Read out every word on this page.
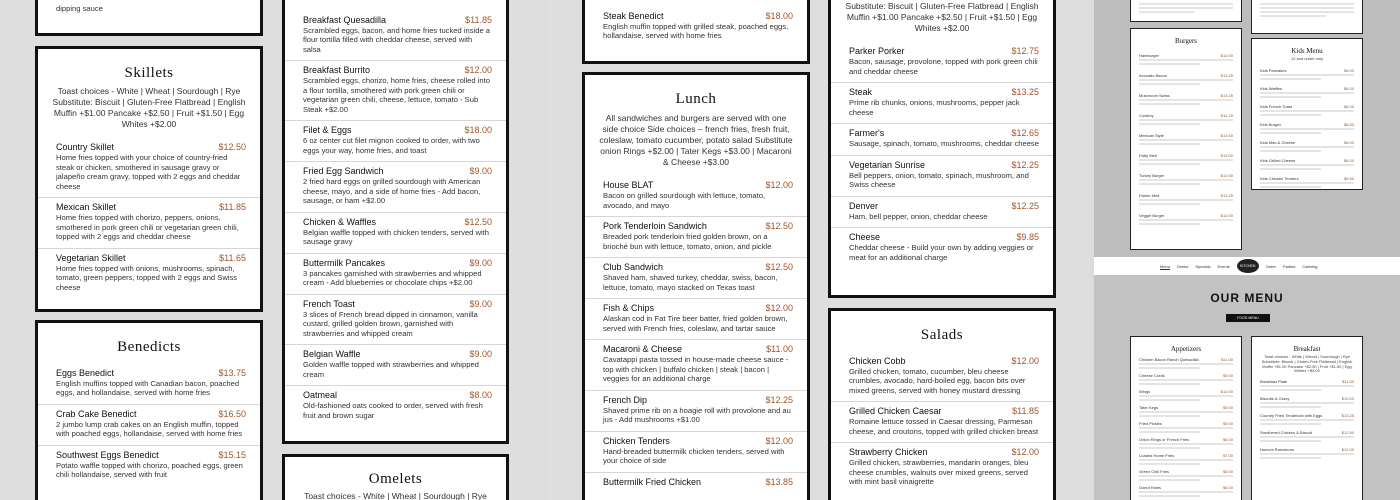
dipping sauce
Skillets
Toast choices - White | Wheat | Sourdough | Rye Substitute: Biscuit | Gluten-Free Flatbread | English Muffin +$1.00 Pancake +$2.50 | Fruit +$1.50 | Egg Whites +$2.00
Country Skillet	$12.50
Home fries topped with your choice of country-fried steak or chicken, smothered in sausage gravy or jalapeño cream gravy, topped with 2 eggs and cheddar cheese
Mexican Skillet	$11.85
Home fries topped with chorizo, peppers, onions, smothered in pork green chili or vegetarian green chili, topped with 2 eggs and cheddar cheese
Vegetarian Skillet	$11.65
Home fries topped with onions, mushrooms, spinach, tomato, green peppers, topped with 2 eggs and Swiss cheese
Benedicts
Eggs Benedict	$13.75
English muffins topped with Canadian bacon, poached eggs, and hollandaise, served with home fries
Crab Cake Benedict	$16.50
2 jumbo lump crab cakes on an English muffin, topped with poached eggs, hollandaise, served with home fries
Southwest Eggs Benedict	$15.15
Potato waffle topped with chorizo, poached eggs, green chili hollandaise, served with fruit
Breakfast Quesadilla	$11.85
Scrambled eggs, bacon, and home fries tucked inside a flour tortilla filled with cheddar cheese, served with salsa
Breakfast Burrito	$12.00
Scrambled eggs, chorizo, home fries, cheese rolled into a flour tortilla, smothered with pork green chili or vegetarian green chili, cheese, lettuce, tomato - Sub Steak +$2.00
Filet & Eggs	$18.00
6 oz center cut filet mignon cooked to order, with two eggs your way, home fries, and toast
Fried Egg Sandwich	$9.00
2 fried hard eggs on grilled sourdough with American cheese, mayo, and a side of home fries - Add bacon, sausage, or ham +$2.00
Chicken & Waffles	$12.50
Belgian waffle topped with chicken tenders, served with sausage gravy
Buttermilk Pancakes	$9.00
3 pancakes garnished with strawberries and whipped cream - Add blueberries or chocolate chips +$2.00
French Toast	$9.00
3 slices of French bread dipped in cinnamon, vanilla custard, grilled golden brown, garnished with strawberries and whipped cream
Belgian Waffle	$9.00
Golden waffle topped with strawberries and whipped cream
Oatmeal	$8.00
Old-fashioned oats cooked to order, served with fresh fruit and brown sugar
Omelets
Toast choices - White | Wheat | Sourdough | Rye
Steak Benedict	$18.00
English muffin topped with grilled steak, poached eggs, hollandaise, served with home fries
Lunch
All sandwiches and burgers are served with one side choice Side choices – french fries, fresh fruit, coleslaw, tomato cucumber, potato salad Substitute onion Rings +$2.00 | Tater Kegs +$3.00 | Macaroni & Cheese +$3.00
House BLAT	$12.00
Bacon on grilled sourdough with lettuce, tomato, avocado, and mayo
Pork Tenderloin Sandwich	$12.50
Breaded pork tenderloin fried golden brown, on a brioché bun with lettuce, tomato, onion, and pickle
Club Sandwich	$12.50
Shaved ham, shaved turkey, cheddar, swiss, bacon, lettuce, tomato, mayo stacked on Texas toast
Fish & Chips	$12.00
Alaskan cod in Fat Tire beer batter, fried golden brown, served with French fries, coleslaw, and tartar sauce
Macaroni & Cheese	$11.00
Cavatappi pasta tossed in house-made cheese sauce - top with chicken | buffalo chicken | steak | bacon | veggies for an additional charge
French Dip	$12.25
Shaved prime rib on a hoagie roll with provolone and au jus - Add mushrooms +$1.00
Chicken Tenders	$12.00
Hand-breaded buttermilk chicken tenders, served with your choice of side
Buttermilk Fried Chicken	$13.85
Substitute: Biscuit | Gluten-Free Flatbread | English Muffin +$1.00 Pancake +$2.50 | Fruit +$1.50 | Egg Whites +$2.00
Parker Porker	$12.75
Bacon, sausage, provolone, topped with pork green chili and cheddar cheese
Steak	$13.25
Prime rib chunks, onions, mushrooms, pepper jack cheese
Farmer's	$12.65
Sausage, spinach, tomato, mushrooms, cheddar cheese
Vegetarian Sunrise	$12.25
Bell peppers, onion, tomato, spinach, mushroom, and Swiss cheese
Denver	$12.25
Ham, bell pepper, onion, cheddar cheese
Cheese	$9.85
Cheddar cheese - Build your own by adding veggies or meat for an additional charge
Salads
Chicken Cobb	$12.00
Grilled chicken, tomato, cucumber, bleu cheese crumbles, avocado, hard-boiled egg, bacon bits over mixed greens, served with honey mustard dressing
Grilled Chicken Caesar	$11.85
Romaine lettuce tossed in Caesar dressing, Parmesan cheese, and croutons, topped with grilled chicken breast
Strawberry Chicken	$12.00
Grilled chicken, strawberries, mandarin oranges, bleu cheese crumbles, walnuts over mixed greens, served with mint basil vinaigrette
Burgers
Hamburger	$12.00
Avocado Bacon	$13.25
Mushroom Swiss	$13.25
Cowboy	$14.25
Mexican Style	$13.50
Patty Melt	$13.00
Turkey Burger	$12.50
Parker Melt	$13.25
Veggie Burger	$12.00
Kids Menu
12 and under only
Kids Pancakes	$6.00
Kids Waffles	$6.00
Kids French Toast	$6.00
Kids Burger	$6.50
Kids Mac & Cheese	$6.00
Kids Grilled Cheese	$6.00
Kids Chicken Tenders	$6.50
Menu Drinks Specials Events	KITCHEN	Order Parties Catering
OUR MENU
FOOD MENU
Appetizers
Chicken Bacon Ranch Quesadilla	$11.00
Cheese Curds	$9.00
Wings	$12.00
Tater Kegs	$9.00
Fried Pickles	$9.00
Onion Rings or French Fries	$6.00
Loaded Home Fries	$7.00
Green Chili Fries	$8.00
Donut Holes	$6.00
Breakfast
Toast choices - White | Wheat | Sourdough | Rye Substitute: Biscuit | Gluten-Free Flatbread | English Muffin +$1.00 Pancake +$2.50 | Fruit +$1.50 | Egg Whites +$2.00
Breakfast Plate	$11.50
Biscuits & Gravy	$10.00
Country Fried Tenderloin with Eggs	$13.25
Smothered Chicken & Biscuit	$12.50
Huevos Rancheros	$12.00
